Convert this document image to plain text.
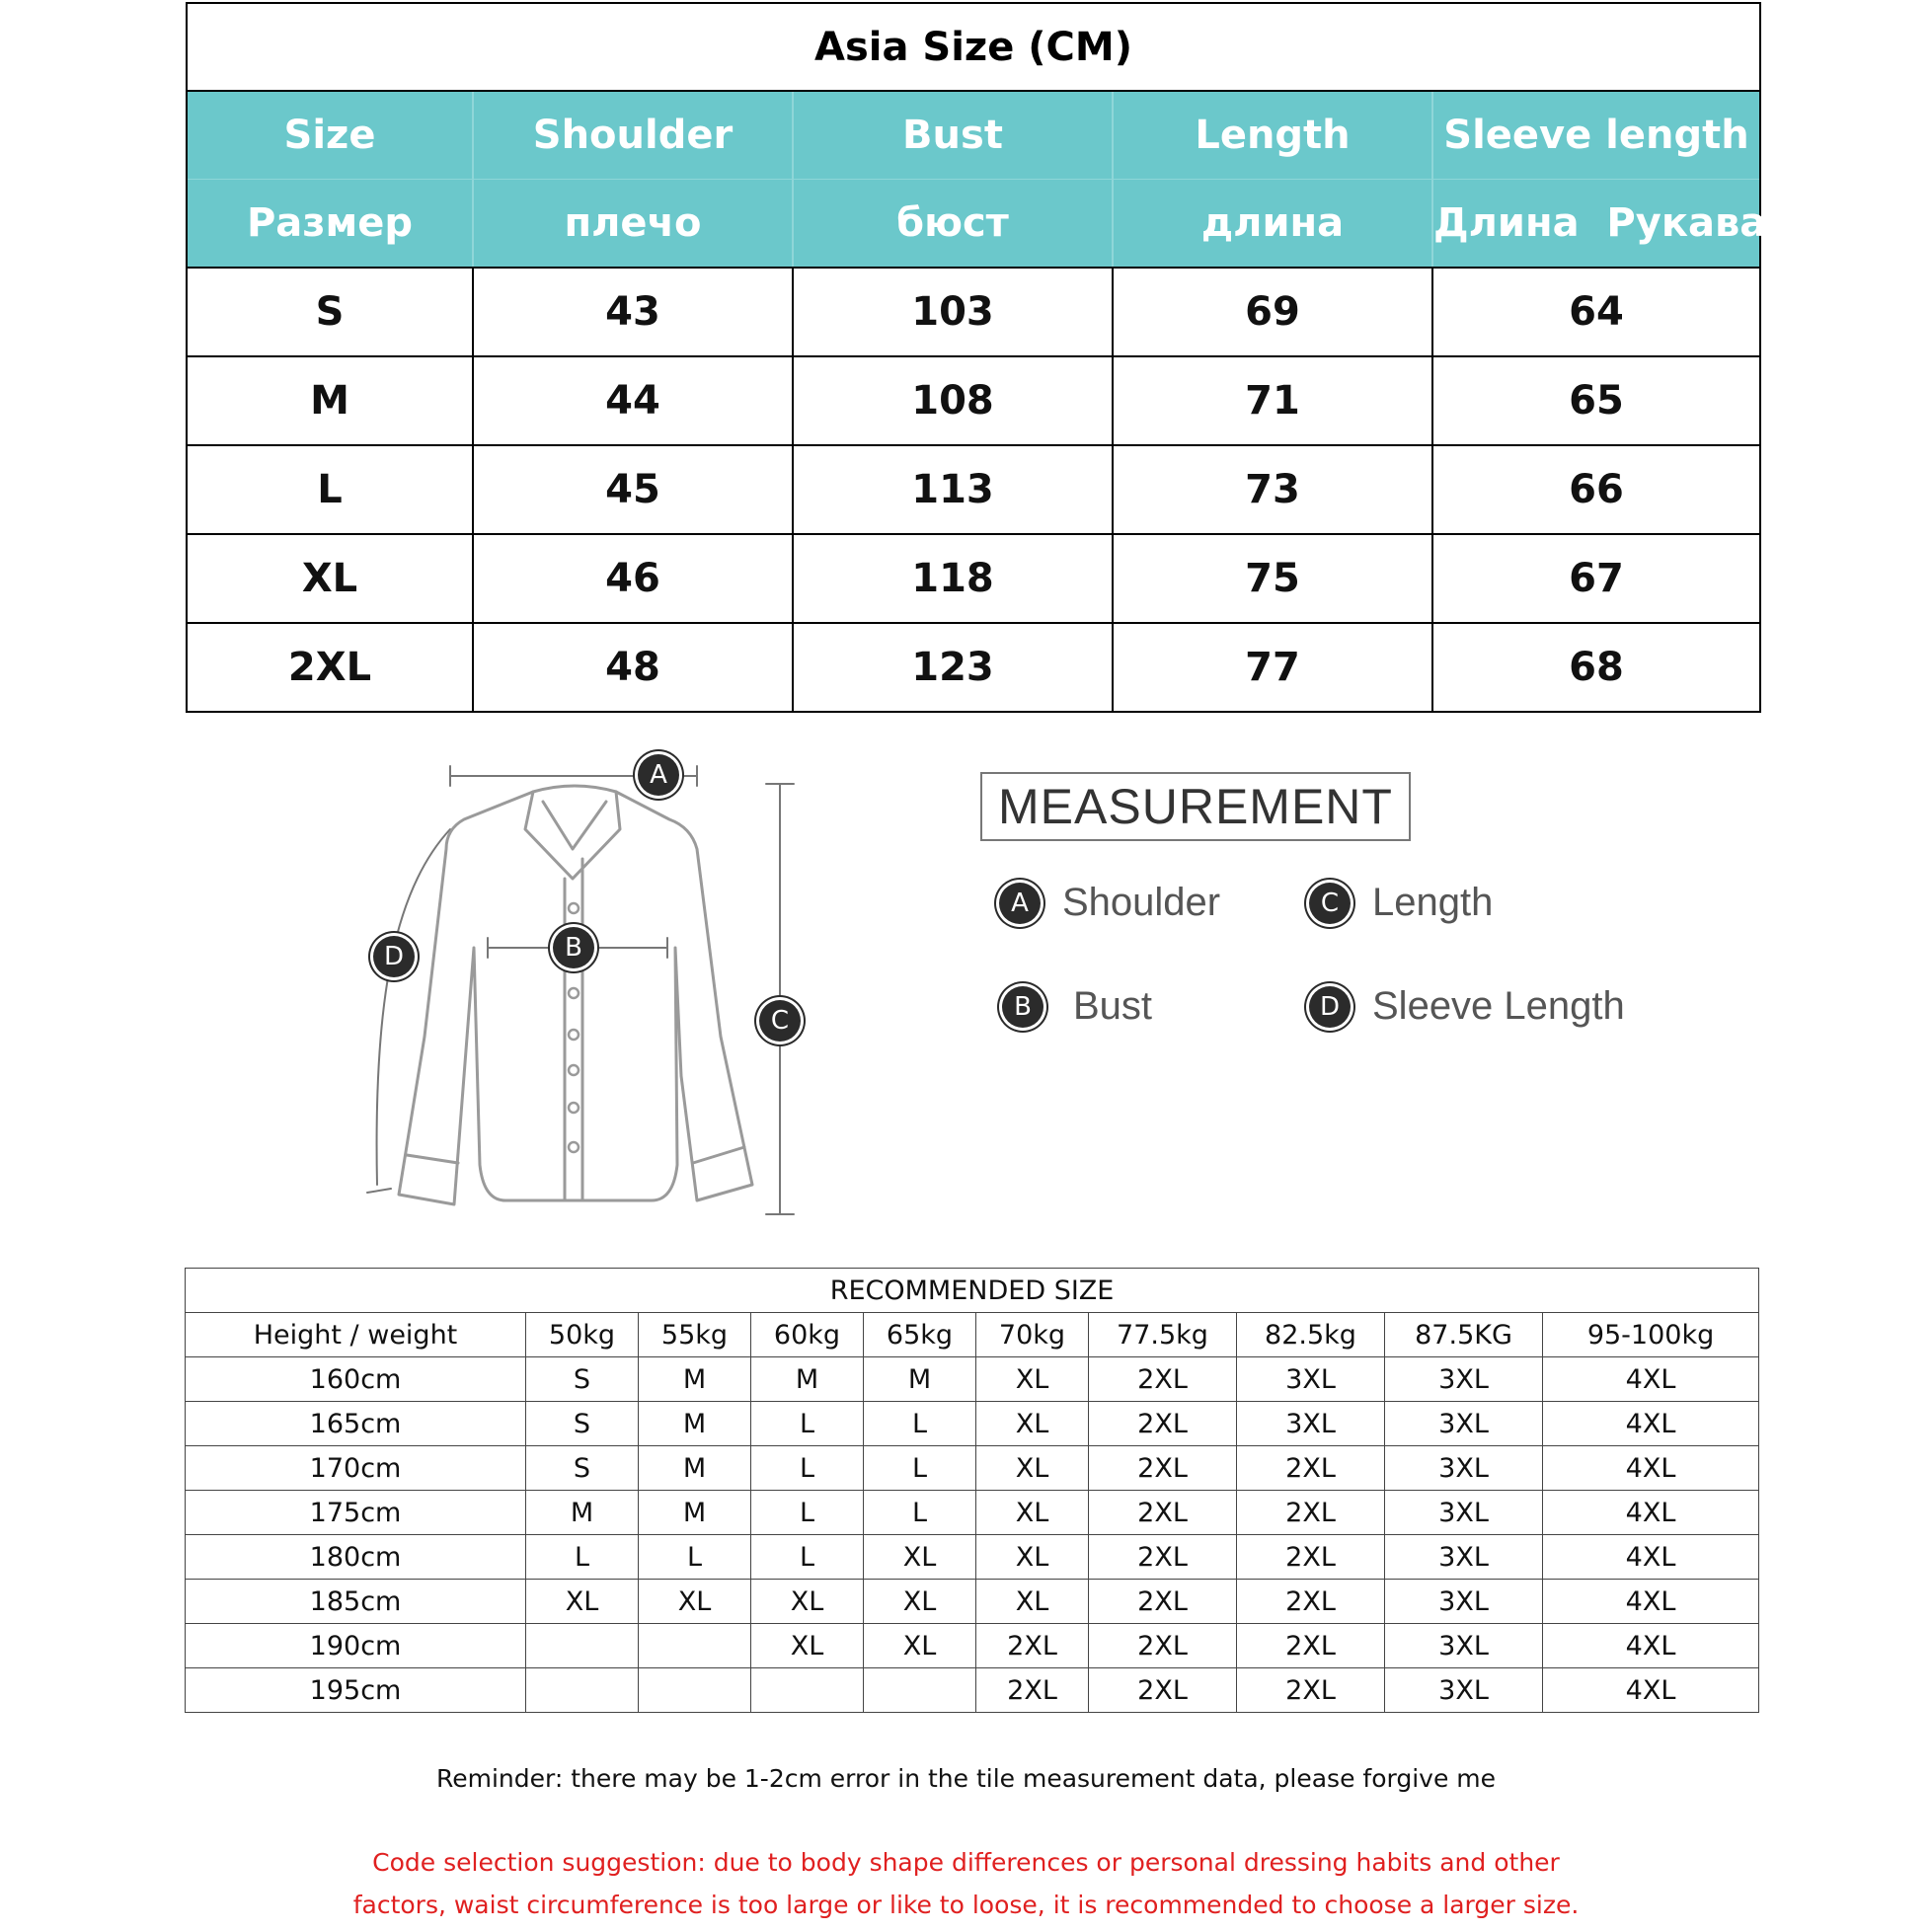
Asia Size (CM)				
Size	Shoulder	Bust	Length	Sleeve length
Размер	плечо	бюст	длина	Длина  Рукава
S	43	103	69	64
M	44	108	71	65
L	45	113	73	66
XL	46	118	75	67
2XL	48	123	77	68
A
B
C
D
MEASUREMENT
A Shoulder	C Length
B	Bust	D Sleeve Length
RECOMMENDED SIZE									
Height / weight	50kg	55kg	60kg	65kg	70kg	77.5kg	82.5kg	87.5KG	95-100kg
160cm	S	M	M	M	XL	2XL	3XL	3XL	4XL
165cm	S	M	L	L	XL	2XL	3XL	3XL	4XL
170cm	S	M	L	L	XL	2XL	2XL	3XL	4XL
175cm	M	M	L	L	XL	2XL	2XL	3XL	4XL
180cm	L	L	L	XL	XL	2XL	2XL	3XL	4XL
185cm	XL	XL	XL	XL	XL	2XL	2XL	3XL	4XL
190cm			XL	XL	2XL	2XL	2XL	3XL	4XL
195cm					2XL	2XL	2XL	3XL	4XL
Reminder: there may be 1-2cm error in the tile measurement data, please forgive me
Code selection suggestion: due to body shape differences or personal dressing habits and other
factors, waist circumference is too large or like to loose, it is recommended to choose a larger size.
